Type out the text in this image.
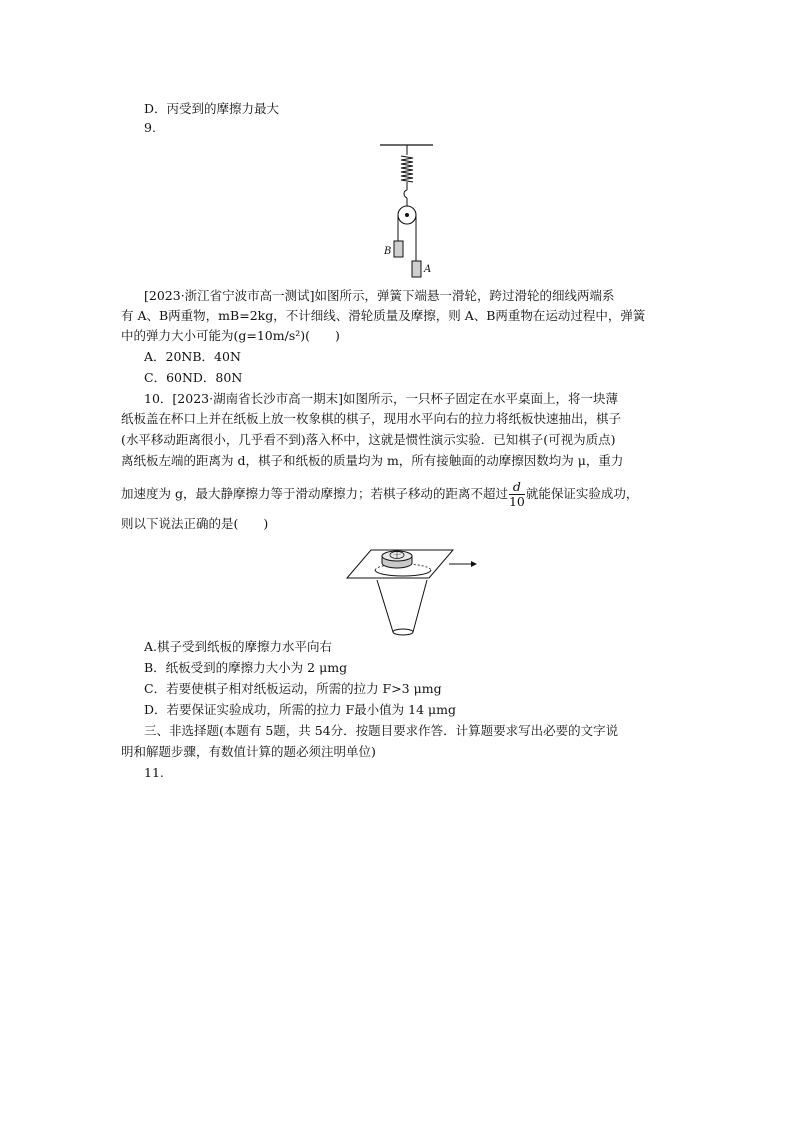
D．丙受到的摩擦力最大
9.
B
A
[2023·浙江省宁波市高一测试]如图所示，弹簧下端悬一滑轮，跨过滑轮的细线两端系
有 A、B两重物，mB=2kg，不计细线、滑轮质量及摩擦，则 A、B两重物在运动过程中，弹簧
中的弹力大小可能为(g=10m/s²)(　　)
A．20NB．40N
C．60ND．80N
10．[2023·湖南省长沙市高一期末]如图所示，一只杯子固定在水平桌面上，将一块薄
纸板盖在杯口上并在纸板上放一枚象棋的棋子，现用水平向右的拉力将纸板快速抽出，棋子
(水平移动距离很小，几乎看不到)落入杯中，这就是惯性演示实验．已知棋子(可视为质点)
离纸板左端的距离为 d，棋子和纸板的质量均为 m，所有接触面的动摩擦因数均为 μ，重力
加速度为 g，最大静摩擦力等于滑动摩擦力；若棋子移动的距离不超过 $\frac{d}{10}$ 就能保证实验成功，
则以下说法正确的是(　　)
士
A.棋子受到纸板的摩擦力水平向右
B．纸板受到的摩擦力大小为 2 μmg
C．若要使棋子相对纸板运动，所需的拉力 F>3 μmg
D．若要保证实验成功，所需的拉力 F最小值为 14 μmg
三、非选择题(本题有 5题，共 54分．按题目要求作答．计算题要求写出必要的文字说
明和解题步骤，有数值计算的题必须注明单位)
11.
